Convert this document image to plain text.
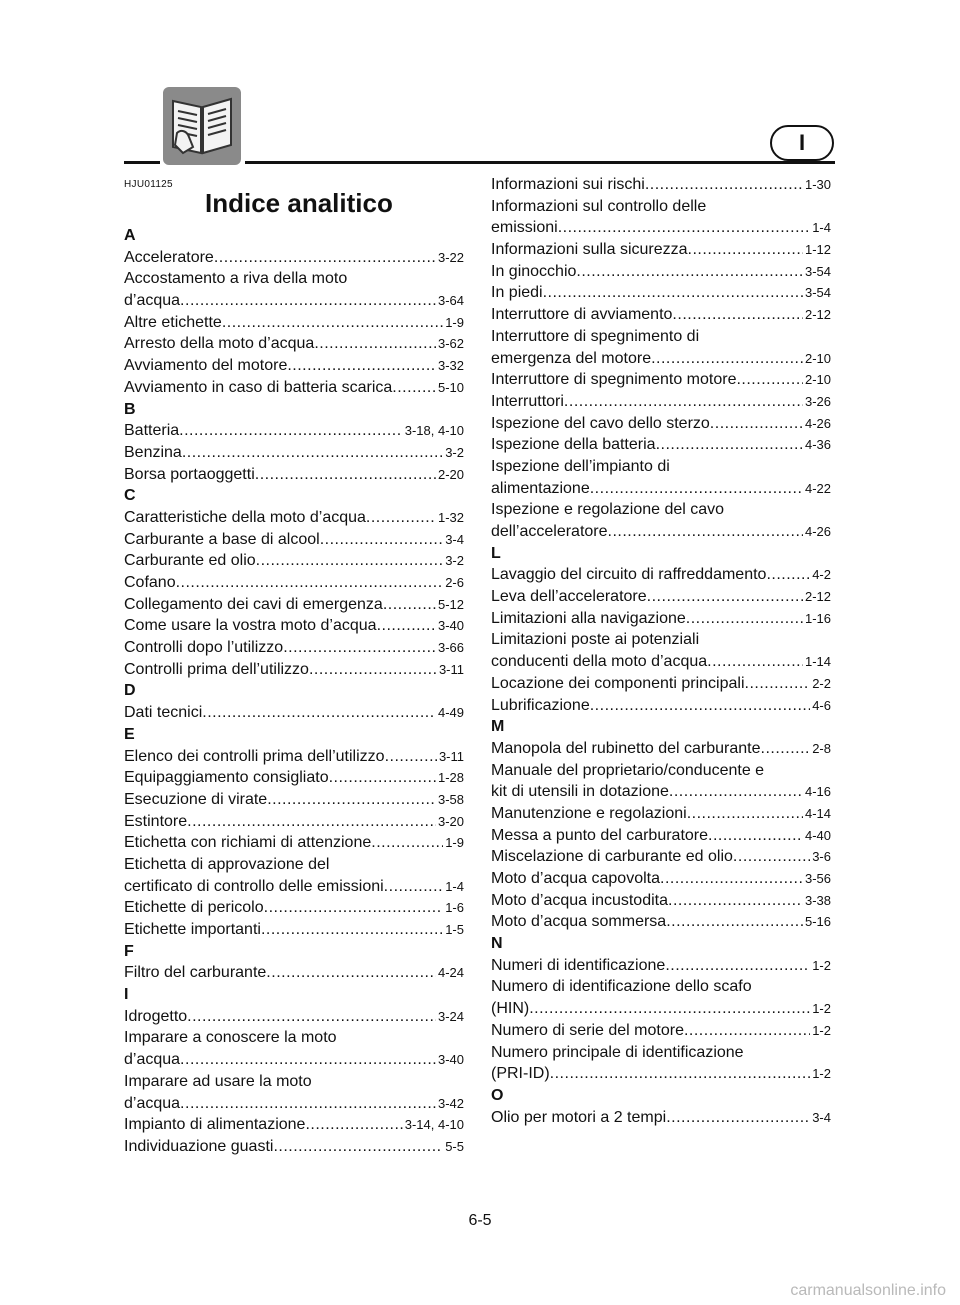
I
HJU01125
Indice analitico
A
Acceleratore .....	3-22
Accostamento a riva della moto
d’acqua .....	3-64
Altre etichette .....	1-9
Arresto della moto d’acqua .....	3-62
Avviamento del motore .....	3-32
Avviamento in caso di batteria scarica .....	5-10
B
Batteria .....	3-18, 4-10
Benzina .....	3-2
Borsa portaoggetti .....	2-20
C
Caratteristiche della moto d’acqua .....	1-32
Carburante a base di alcool .....	3-4
Carburante ed olio .....	3-2
Cofano .....	2-6
Collegamento dei cavi di emergenza .....	5-12
Come usare la vostra moto d’acqua .....	3-40
Controlli dopo l’utilizzo .....	3-66
Controlli prima dell’utilizzo .....	3-11
D
Dati tecnici .....	4-49
E
Elenco dei controlli prima dell’utilizzo .....	3-11
Equipaggiamento consigliato .....	1-28
Esecuzione di virate .....	3-58
Estintore .....	3-20
Etichetta con richiami di attenzione .....	1-9
Etichetta di approvazione del
certificato di controllo delle emissioni .....	1-4
Etichette di pericolo .....	1-6
Etichette importanti .....	1-5
F
Filtro del carburante .....	4-24
I
Idrogetto .....	3-24
Imparare a conoscere la moto
d’acqua .....	3-40
Imparare ad usare la moto
d’acqua .....	3-42
Impianto di alimentazione .....	3-14, 4-10
Individuazione guasti .....	5-5
Informazioni sui rischi .....	1-30
Informazioni sul controllo delle
emissioni .....	1-4
Informazioni sulla sicurezza .....	1-12
In ginocchio .....	3-54
In piedi .....	3-54
Interruttore di avviamento .....	2-12
Interruttore di spegnimento di
emergenza del motore .....	2-10
Interruttore di spegnimento motore .....	2-10
Interruttori .....	3-26
Ispezione del cavo dello sterzo .....	4-26
Ispezione della batteria .....	4-36
Ispezione dell’impianto di
alimentazione .....	4-22
Ispezione e regolazione del cavo
dell’acceleratore .....	4-26
L
Lavaggio del circuito di raffreddamento .....	4-2
Leva dell’acceleratore .....	2-12
Limitazioni alla navigazione .....	1-16
Limitazioni poste ai potenziali
conducenti della moto d’acqua .....	1-14
Locazione dei componenti principali .....	2-2
Lubrificazione .....	4-6
M
Manopola del rubinetto del carburante .....	2-8
Manuale del proprietario/conducente e
kit di utensili in dotazione .....	4-16
Manutenzione e regolazioni .....	4-14
Messa a punto del carburatore .....	4-40
Miscelazione di carburante ed olio .....	3-6
Moto d’acqua capovolta .....	3-56
Moto d’acqua incustodita .....	3-38
Moto d’acqua sommersa .....	5-16
N
Numeri di identificazione .....	1-2
Numero di identificazione dello scafo
(HIN) .....	1-2
Numero di serie del motore .....	1-2
Numero principale di identificazione
(PRI-ID) .....	1-2
O
Olio per motori a 2 tempi .....	3-4
6-5
carmanualsonline.info
